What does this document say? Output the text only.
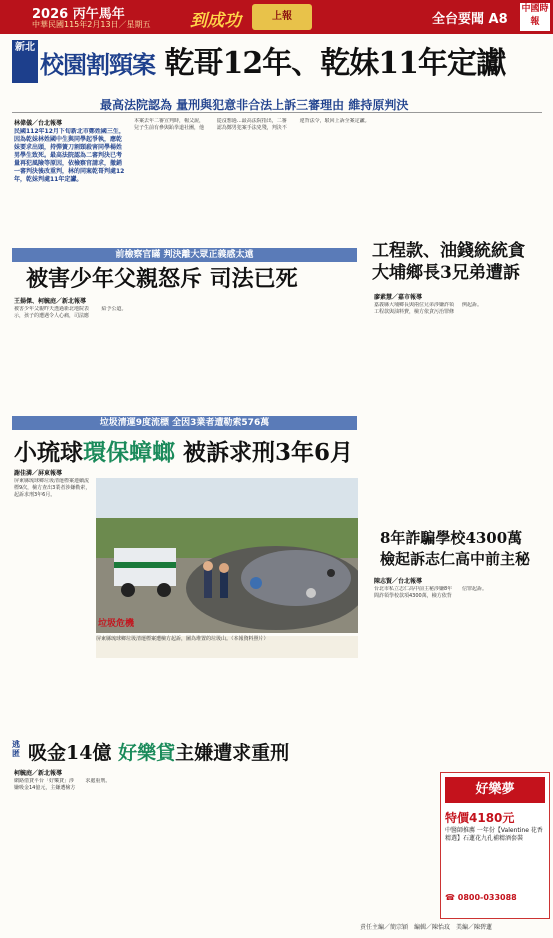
2026 丙午馬年
中華民國115年2月13日／星期五 到成功	上報	全台要聞 A8
中國時報
校園割頸案 乾哥12年、乾妹11年定讞
新北
最高法院認為 量刑與犯意非合法上訴三審理由 維持原判決
林偉儀／台北報導
民國112年12月下旬新北市鄭姓國三生，因為乾妹林姓國中生與同學起爭執，應乾妹要求出頭，持弾簧刀割頸殺害同學楊姓男學生致死。最高法院認為二審判決已考量再犯風險等原因，依檢察官請求，撤銷一審判決後改重判，林的同案乾哥判處12年，乾妹判處11年定讞。
本案去年二審宣判時，楊父說，兒子生前有參與跆拳道社團，他從沒想過…最高法院指出，二審認為鄭男犯案手法兇殘，判決不違背法令，駁回上訴全案定讞。
前檢察官瞞 判決離大眾正義感太遠
被害少年父親怒斥 司法已死
王揚傑、柯毓庭／新北報導
被害少年父親昨天透過新北地院表示，孩子的遭遇令人心痛，司法應給予公道。
工程款、油錢統統貪
大埔鄉長3兄弟遭訴
廖素慧／嘉市報導
嘉義縣大埔鄉長與兩位兄弟涉嫌詐領工程款與油料費，檢方依貪污治罪條例起訴。
垃圾清運9度流標 全因3業者遭勒索576萬
小琉球環保蟑螂 被訴求刑3年6月
謝佳潾／屏東報導
屏東縣琉球鄉垃圾清運標案連續流標9次，檢方查出3業者涉嫌勒索，起訴求刑3年6月。
垃圾危機
屏東縣琉球鄉垃圾清運標案遭檢方起訴，圖為堆置的垃圾山。（本報資料照片）
8年詐騙學校4300萬
檢起訴志仁高中前主秘
陳志賢／台北報導
台北市私立志仁高中前主秘涉嫌8年間詐領學校款項4300萬，檢方依背信罪起訴。
逃匿 吸金14億 好樂貸主嫌遭求重刑
柯毓庭／新北報導
網路借貸平台「好樂貸」涉嫌吸金14億元，主嫌遭檢方求處重刑。
好樂夢
特價4180元
中醫師推薦 一年份【Valentine 花香精選】石蓮花九孔補精酒套裝
☎ 0800-033088
責任主編／簡宗穎　編輯／陳怡玟　美編／陳碧蓮
